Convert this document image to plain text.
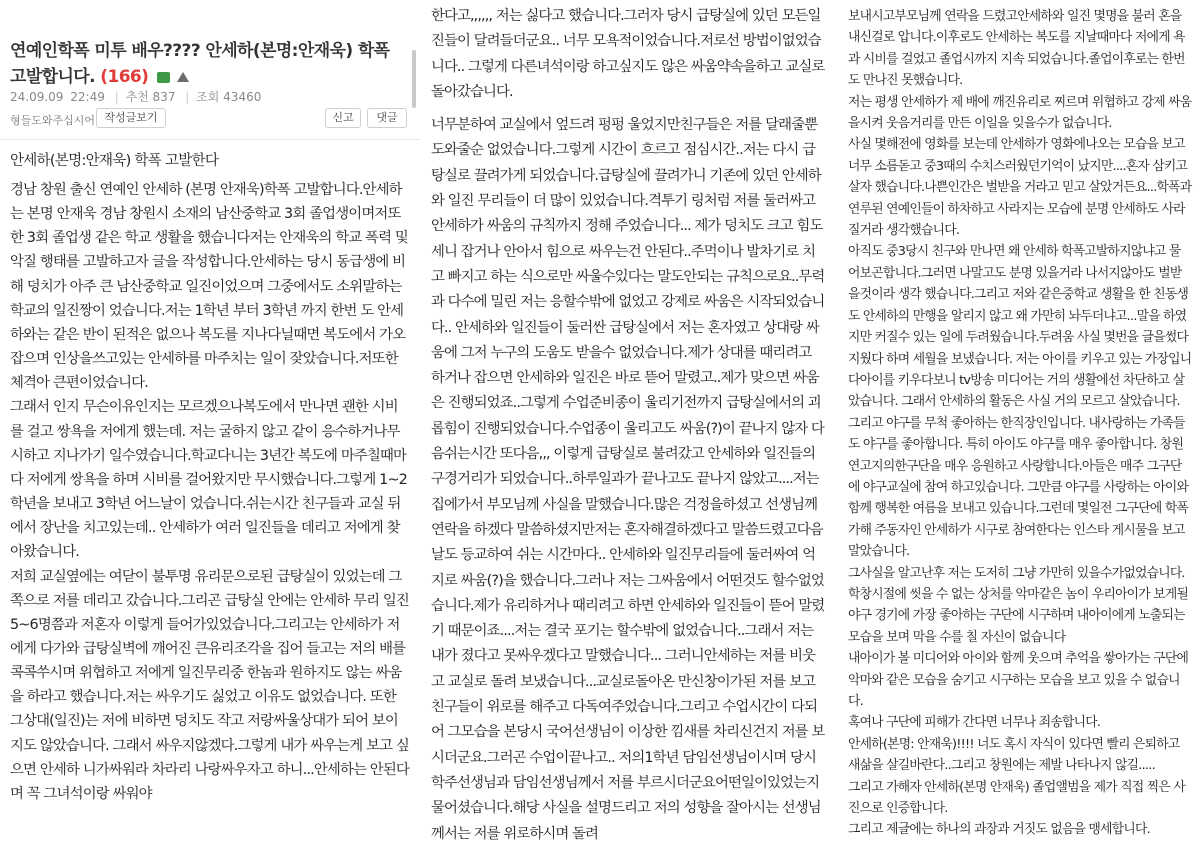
연예인학폭 미투 배우???? 안세하(본명:안재욱) 학폭 고발합니다. (166)
24.09.09 22:49 | 추천 837 | 조회 43460
형들도와주십시어 작성글보기	신고	댓글
안세하(본명:안재욱) 학폭 고발한다
경남 창원 출신 연예인 안세하 (본명 안재욱)학폭 고발합니다.안세하는 본명 안재욱 경남 창원시 소재의 남산중학교 3회 졸업생이며저또한 3회 졸업생 같은 학교 생활을 했습니다저는 안재욱의 학교 폭력 및 악질 행태를 고발하고자 글을 작성합니다.안세하는 당시 동급생에 비해 덩치가 아주 큰 남산중학교 일진이었으며 그중에서도 소위말하는 학교의 일진짱이 었습니다.저는 1학년 부터 3학년 까지 한번 도 안세하와는 같은 반이 된적은 없으나 복도를 지나다닐때면 복도에서 가오잡으며 인상을쓰고있는 안세하를 마주치는 일이 잦았습니다.저또한 체격아 큰편이었습니다.
그래서 인지 무슨이유인지는 모르겠으나복도에서 만나면 괜한 시비를 걸고 쌍욕을 저에게 했는데. 저는 굴하지 않고 같이 응수하거나무시하고 지나가기 일수였습니다.학교다니는 3년간 복도에 마주칠때마다 저에게 쌍욕을 하며 시비를 걸어왔지만 무시했습니다.그렇게 1~2학년을 보내고 3학년 어느날이 었습니다.쉬는시간 친구들과 교실 뒤에서 장난을 치고있는데.. 안세하가 여러 일진들을 데리고 저에게 찾아왔습니다.
저희 교실옆에는 여닫이 불투명 유리문으로된 급탕실이 있었는데 그쪽으로 저를 데리고 갔습니다.그리곤 급탕실 안에는 안세하 무리 일진 5~6명쯤과 저혼자 이렇게 들어가있었습니다.그리고는 안세하가 저에게 다가와 급탕실벽에 깨어진 큰유리조각을 집어 들고는 저의 배를 콕콕쑤시며 위협하고 저에게 일진무리중 한놈과 원하지도 않는 싸움을 하라고 했습니다.저는 싸우기도 싫었고 이유도 없었습니다. 또한 그상대(일진)는 저에 비하면 덩치도 작고 저랑싸울상대가 되어 보이지도 않았습니다. 그래서 싸우지않겠다.그렇게 내가 싸우는게 보고 싶으면 안세하 니가싸워라 차라리 나랑싸우자고 하니...안세하는 안된다며 꼭 그녀석이랑 싸워야
한다고,,,,,, 저는 싫다고 했습니다.그러자 당시 급탕실에 있던 모든일진들이 달려들더군요.. 너무 모욕적이었습니다.저로선 방법이없었습니다.. 그렇게 다른녀석이랑 하고싶지도 않은 싸움약속을하고 교실로 돌아갔습니다.
너무분하여 교실에서 엎드려 펑펑 울었지만친구들은 저를 달래줄뿐 도와줄순 없었습니다.그렇게 시간이 흐르고 점심시간..저는 다시 급탕실로 끌려가게 되었습니다.급탕실에 끌려가니 기존에 있던 안세하와 일진 무리들이 더 많이 있었습니다.격투기 링처럼 저를 둘러싸고안세하가 싸움의 규칙까지 정해 주었습니다... 제가 덩치도 크고 힘도세니 잡거나 안아서 힘으로 싸우는건 안된다..주먹이나 발차기로 치고 빠지고 하는 식으로만 싸울수있다는 말도안되는 규칙으로요..무력과 다수에 밀린 저는 응할수밖에 없었고 강제로 싸움은 시작되었습니다.. 안세하와 일진들이 둘러싼 급탕실에서 저는 혼자였고 상대랑 싸움에 그저 누구의 도움도 받을수 없었습니다.제가 상대를 때리려고 하거나 잡으면 안세하와 일진은 바로 뜯어 말렸고..제가 맞으면 싸움은 진행되었죠..그렇게 수업준비종이 울리기전까지 급탕실에서의 괴롭힘이 진행되었습니다.수업종이 울리고도 싸움(?)이 끝나지 않자 다음쉬는시간 또다음,,, 이렇게 급탕실로 불려갔고 안세하와 일진들의 구경거리가 되었습니다..하루일과가 끝나고도 끝나지 않았고....저는 집에가서 부모님께 사실을 말했습니다.많은 걱정을하셨고 선생님께 연락을 하겠다 말씀하셨지만저는 혼자해결하겠다고 말씀드렸고다음날도 등교하여 쉬는 시간마다.. 안세하와 일진무리들에 둘러싸여 억지로 싸움(?)을 했습니다.그러나 저는 그싸움에서 어떤것도 할수없었습니다.제가 유리하거나 때리려고 하면 안세하와 일진들이 뜯어 말렸기 때문이죠....저는 결국 포기는 할수밖에 없었습니다..그래서 저는 내가 졌다고 못싸우겠다고 말했습니다... 그러니안세하는 저를 비웃고 교실로 돌려 보냈습니다...교실로돌아온 만신창이가된 저를 보고 친구들이 위로를 해주고 다독여주었습니다.그리고 수업시간이 다되어 그모습을 본당시 국어선생님이 이상한 낌새를 차리신건지 저를 보시더군요.그러곤 수업이끝나고.. 저의1학년 담임선생님이시며 당시 학주선생님과 담임선생님께서 저를 부르시더군요어떤일이있었는지 물어셨습니다.해당 사실을 설명드리고 저의 성향을 잘아시는 선생님께서는 저를 위로하시며 돌려
보내시고부모님께 연락을 드렸고안세하와 일진 몇명을 불러 혼을 내신걸로 압니다.이후로도 안세하는 복도를 지날때마다 저에게 욕과 시비를 걸었고 졸업시까지 지속 되었습니다.졸업이후로는 한번도 만나진 못했습니다.
저는 평생 안세하가 제 배에 깨진유리로 찌르며 위협하고 강제 싸움을시켜 웃음거리를 만든 이일을 잊을수가 없습니다.
사실 몇해전에 영화를 보는데 안세하가 영화에나오는 모습을 보고 너무 소름돋고 중3때의 수치스러웠던기억이 났지만....혼자 삼키고 살자 했습니다.나쁜인간은 벌받을 거라고 믿고 살았거든요...학폭과 연루된 연예인들이 하차하고 사라지는 모습에 분명 안세하도 사라질거라 생각했습니다.
아직도 중3당시 친구와 만나면 왜 안세하 학폭고발하지않냐고 물어보곤합니다.그러면 나말고도 분명 있을거라 나서지않아도 벌받을것이라 생각 했습니다.그리고 저와 같은중학교 생활을 한 친동생도 안세하의 만행을 알리지 않고 왜 가만히 놔두더냐고...말을 하였지만 커질수 있는 일에 두려웠습니다.두려움 사실 몇번을 글을썼다 지웠다 하며 세월을 보냈습니다. 저는 아이를 키우고 있는 가장입니다아이를 키우다보니 tv방송 미디어는 거의 생활에선 차단하고 살았습니다. 그래서 안세하의 활동은 사실 거의 모르고 살았습니다. 그리고 야구를 무척 좋아하는 한직장인입니다. 내사랑하는 가족들도 야구를 좋아합니다. 특히 아이도 야구를 매우 좋아합니다. 창원 연고지의한구단을 매우 응원하고 사랑합니다.아들은 매주 그구단에 야구교실에 참여 하고있습니다. 그만큼 야구를 사랑하는 아이와 함께 행복한 여름을 보내고 있습니다.그런데 몇일전 그구단에 학폭가해 주동자인 안세하가 시구로 참여한다는 인스타 게시물을 보고 말았습니다.
그사실을 알고난후 저는 도저히 그냥 가만히 있을수가없었습니다. 학창시절에 씻을 수 없는 상처를 악마같은 놈이 우리아이가 보게될 야구 경기에 가장 좋아하는 구단에 시구하며 내아이에게 노출되는 모습을 보며 막을 수를 칠 자신이 없습니다
내아이가 볼 미디어와 아이와 함께 웃으며 추억을 쌓아가는 구단에 악마와 같은 모습을 숨기고 시구하는 모습을 보고 있을 수 없습니다.
혹여나 구단에 피해가 간다면 너무나 죄송합니다.
안세하(본명: 안재욱)!!!! 너도 혹시 자식이 있다면 빨리 은퇴하고 새삶을 살길바란다..그리고 창원에는 제발 나타나지 않길.....
그리고 가해자 안세하(본명 안재욱) 졸업앨범을 제가 직접 찍은 사진으로 인증합니다.
그리고 제글에는 하나의 과장과 거짓도 없음을 맹세합니다.
